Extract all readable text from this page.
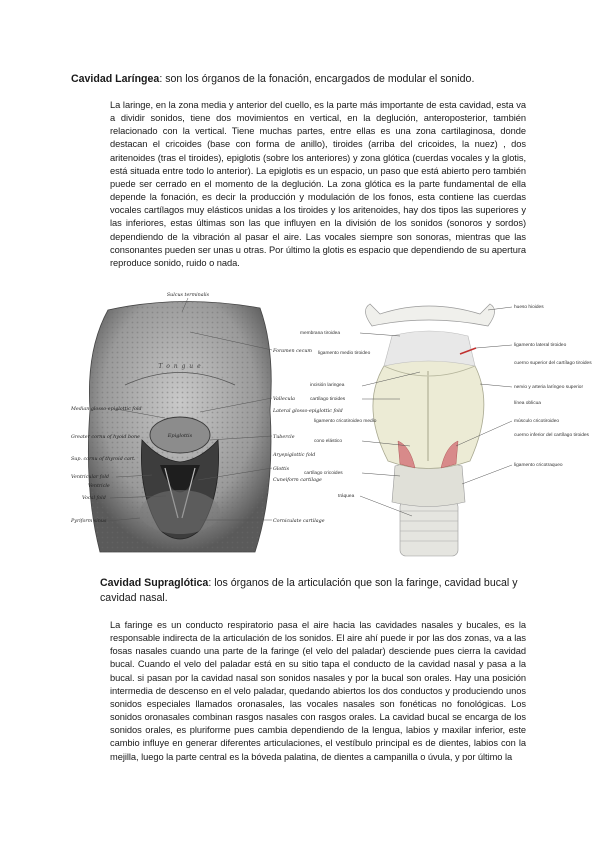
Cavidad Laríngea: son los órganos de la fonación, encargados de modular el sonido.

La laringe, en la zona media y anterior del cuello, es la parte más importante de esta cavidad, esta va a dividir sonidos, tiene dos movimientos en vertical, en la deglución, anteroposterior, también relacionado con la vertical. Tiene muchas partes, entre ellas es una zona cartilaginosa, donde destacan el cricoides (base con forma de anillo), tiroides (arriba del cricoides, la nuez) , dos aritenoides (tras el tiroides), epiglotis (sobre los anteriores) y zona glótica (cuerdas vocales y la glotis, está situada entre todo lo anterior). La epiglotis es un espacio, un paso que está abierto pero también puede ser cerrado en el momento de la deglución. La zona glótica es la parte fundamental de ella depende la fonación, es decir la producción y modulación de los fonos, esta contiene las cuerdas vocales cartílagos muy elásticos unidas a los tiroides y los aritenoides, hay dos tipos las superiores y las inferiores, estas últimas son las que influyen en la división de los sonidos (sonoros y sordos) dependiendo de la vibración al pasar el aire. Las vocales siempre son sonoras, mientras que las consonantes pueden ser unas u otras. Por último la glotis es espacio que dependiendo de su apertura reproduce sonido, ruido o nada.

Sulcus terminalis
T o n g u e
Epiglottis
Median glosso-epiglottic fold
Greater cornu of hyoid bone
Sup. cornu of thyroid cart.
Ventricular fold
Ventricle
Vocal fold
Pyriform sinus
Foramen cecum
Vallecula
Lateral glosso-epiglottic fold
Tubercle
Aryepiglottic fold
Glottis
Cuneiform cartilage
Corniculate cartilage
membrana tiroidea
ligamento medio tiroideo
incisión laringea
cartílago tiroides
ligamento cricotiroideo medio
cono elástico
cartílago cricoides
tráquea
hueso hioides
ligamento lateral tiroideo
cuerno superior del cartílago tiroides
nervio y arteria laríngeo superior
línea oblicua
músculo cricotiroideo
cuerno inferior del cartílago tiroides
ligamento cricotraqueo
Cavidad Supraglótica: los órganos de la articulación que son la faringe, cavidad bucal y cavidad nasal.

La faringe es un conducto respiratorio pasa el aire hacia las cavidades nasales y bucales, es la responsable indirecta de la articulación de los sonidos. El aire ahí puede ir por las dos zonas, va a las fosas nasales cuando una parte de la faringe (el velo del paladar) desciende pues cierra la cavidad bucal. Cuando el velo del paladar está en su sitio tapa el conducto de la cavidad nasal y pasa a la bucal. si pasan por la cavidad nasal son sonidos nasales y por la bucal son orales. Hay una posición intermedia de descenso en el velo paladar, quedando abiertos los dos conductos y produciendo unos sonidos especiales llamados oronasales, las vocales nasales son fonéticas no fonológicas. Los sonidos oronasales combinan rasgos nasales con rasgos orales. La cavidad bucal se encarga de los sonidos orales, es pluriforme pues cambia dependiendo de la lengua, labios y maxilar inferior, este cambio influye en generar diferentes articulaciones, el vestíbulo principal es de dientes, labios con la mejilla, luego la parte central es la bóveda palatina, de dientes a campanilla o úvula, y por último la
